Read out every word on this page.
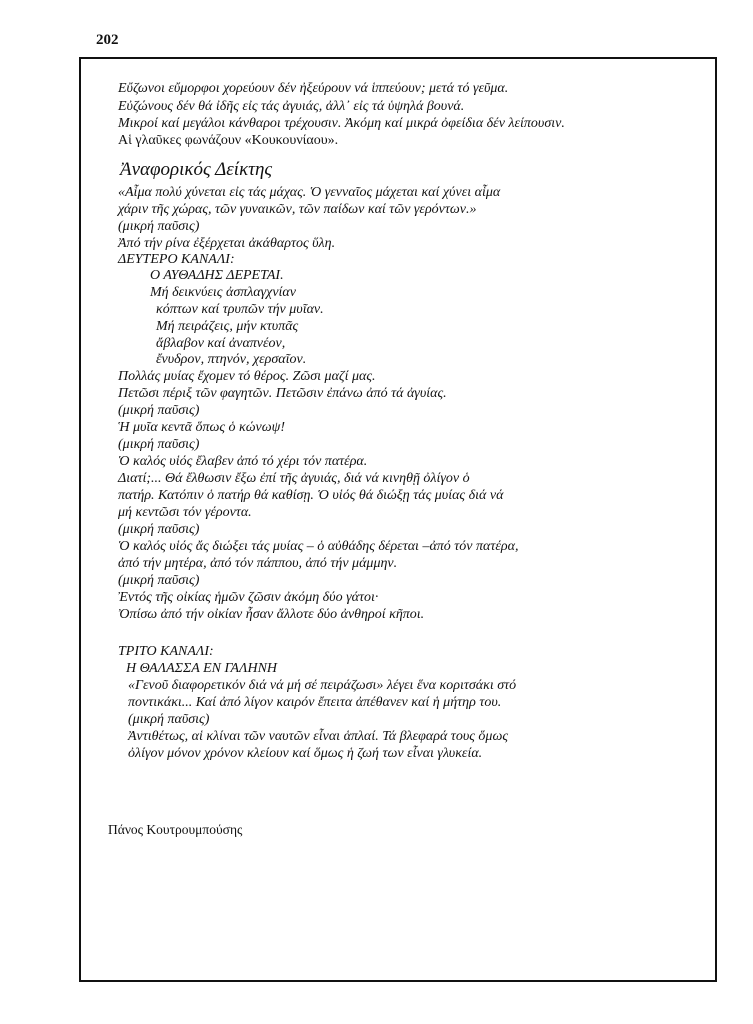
202
Εὔζωνοι εὔμορφοι χορεύουν δέν ἠξεύρουν νά ἱππεύουν; μετά τό γεῦμα.
Εὐζώνους δέν θά ἰδῆς εἰς τάς ἀγυιάς, ἀλλ᾿ εἰς τά ὑψηλά βουνά.
Μικροί καί μεγάλοι κάνθαροι τρέχουσιν. Ἀκόμη καί μικρά ὀφείδια δέν λείπουσιν.
Αἱ γλαῦκες φωνάζουν «Κουκουνίαου».
Ἀναφορικός Δείκτης
«Αἷμα πολύ χύνεται εἰς τάς μάχας. Ὁ γενναῖος μάχεται καί χύνει αἷμα
χάριν τῆς χώρας, τῶν γυναικῶν, τῶν παίδων καί τῶν γερόντων.»
(μικρή παῦσις)
Ἀπό τήν ρίνα ἐξέρχεται ἀκάθαρτος ὕλη.
ΔΕΥΤΕΡΟ ΚΑΝΑΛΙ:
Ο ΑΥΘΑΔΗΣ ΔΕΡΕΤΑΙ.
Μή δεικνύεις ἀσπλαγχνίαν
κόπτων καί τρυπῶν τήν μυῖαν.
Μή πειράζεις, μήν κτυπᾶς
ἄβλαβον καί ἀναπνέον,
ἔνυδρον, πτηνόν, χερσαῖον.
Πολλάς μυίας ἔχομεν τό θέρος. Ζῶσι μαζί μας.
Πετῶσι πέριξ τῶν φαγητῶν. Πετῶσιν ἐπάνω ἀπό τά ἀγυίας.
(μικρή παῦσις)
Ἡ μυῖα κεντᾶ ὅπως ὁ κώνωψ!
(μικρή παῦσις)
Ὁ καλός υἱός ἔλαβεν ἀπό τό χέρι τόν πατέρα.
Διατί;... Θά ἔλθωσιν ἔξω ἐπί τῆς ἀγυιάς, διά νά κινηθῇ ὀλίγον ὁ
πατήρ. Κατόπιν ὁ πατήρ θά καθίσῃ. Ὁ υἱός θά διώξῃ τάς μυίας διά νά
μή κεντῶσι τόν γέροντα.
(μικρή παῦσις)
Ὁ καλός υἱός ἄς διώξει τάς μυίας – ὁ αὐθάδης δέρεται –ἀπό τόν πατέρα,
ἀπό τήν μητέρα, ἀπό τόν πάππου, ἀπό τήν μάμμην.
(μικρή παῦσις)
Ἐντός τῆς οἰκίας ἡμῶν ζῶσιν ἀκόμη δύο γάτοι·
Ὀπίσω ἀπό τήν οἰκίαν ἦσαν ἄλλοτε δύο ἀνθηροί κῆποι.
ΤΡΙΤΟ ΚΑΝΑΛΙ:
Η ΘΑΛΑΣΣΑ ΕΝ ΓΑΛΗΝΗ
«Γενοῦ διαφορετικόν διά νά μή σέ πειράζωσι» λέγει ἕνα κοριτσάκι στό
ποντικάκι... Καί ἀπό λίγον καιρόν ἔπειτα ἀπέθανεν καί ἡ μήτηρ του.
(μικρή παῦσις)
Ἀντιθέτως, αἱ κλίναι τῶν ναυτῶν εἶναι ἁπλαί. Τά βλεφαρά τους ὅμως
ὀλίγον μόνον χρόνον κλείουν καί ὅμως ἡ ζωή των εἶναι γλυκεία.
Πάνος Κουτρουμπούσης
